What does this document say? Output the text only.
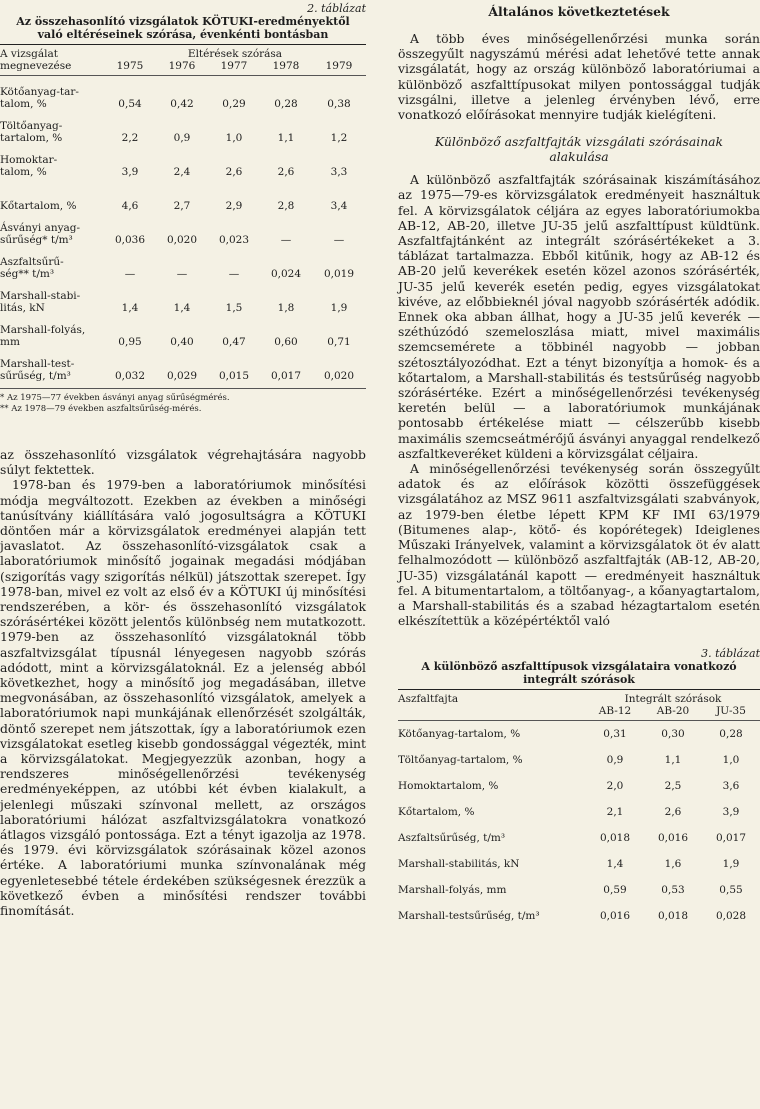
2. táblázat
Az összehasonlító vizsgálatok KÖTUKI-eredményektől
való eltéréseinek szórása, évenkénti bontásban
A vizsgálat	Eltérések szórása				
megnevezése	1975	1976	1977	1978	1979

Kötőanyag-tar-
talom, %	0,54	0,42	0,29	0,28	0,38

Töltőanyag-
tartalom, %	2,2	0,9	1,0	1,1	1,2

Homoktar-
talom, %	3,9	2,4	2,6	2,6	3,3

Kőtartalom, %	4,6	2,7	2,9	2,8	3,4

Ásványi anyag-
sűrűség* t/m³	0,036	0,020	0,023	—	—

Aszfaltsűrű-
ség** t/m³	—	—	—	0,024	0,019

Marshall-stabi-
litás, kN	1,4	1,4	1,5	1,8	1,9

Marshall-folyás,
mm	0,95	0,40	0,47	0,60	0,71

Marshall-test-
sűrűség, t/m³	0,032	0,029	0,015	0,017	0,020
* Az 1975—77 években ásványi anyag sűrűségmérés.
** Az 1978—79 években aszfaltsűrűség-mérés.

az összehasonlító vizsgálatok végrehajtására nagyobb súlyt fektettek.

1978-ban és 1979-ben a laboratóriumok minősítési módja megváltozott. Ezekben az években a minőségi tanúsítvány kiállítására való jogosultságra a KÖTUKI döntően már a körvizsgálatok eredményei alapján tett javaslatot. Az összehasonlító-vizsgálatok csak a laboratóriumok minősítő jogainak megadási módjában (szigorítás vagy szigorítás nélkül) játszottak szerepet. Így 1978-ban, mivel ez volt az első év a KÖTUKI új minősítési rendszerében, a kör- és összehasonlító vizsgálatok szórásértékei között jelentős különbség nem mutatkozott. 1979-ben az összehasonlító vizsgálatoknál több aszfaltvizsgálat típusnál lényegesen nagyobb szórás adódott, mint a körvizsgálatoknál. Ez a jelenség abból következhet, hogy a minősítő jog megadásában, illetve megvonásában, az összehasonlító vizsgálatok, amelyek a laboratóriumok napi munkájának ellenőrzését szolgálták, döntő szerepet nem játszottak, így a laboratóriumok ezen vizsgálatokat esetleg kisebb gondossággal végezték, mint a körvizsgálatokat. Megjegyezzük azonban, hogy a rendszeres minőségellenőrzési tevékenység eredményeképpen, az utóbbi két évben kialakult, a jelenlegi műszaki színvonal mellett, az országos laboratóriumi hálózat aszfaltvizsgálatokra vonatkozó átlagos vizsgáló pontossága. Ezt a tényt igazolja az 1978. és 1979. évi körvizsgálatok szórásainak közel azonos értéke. A laboratóriumi munka színvonalának még egyenletesebbé tétele érdekében szükségesnek érezzük a következő évben a minősítési rendszer további finomítását.

Általános következtetések

A több éves minőségellenőrzési munka során összegyűlt nagyszámú mérési adat lehetővé tette annak vizsgálatát, hogy az ország különböző laboratóriumai a különböző aszfalttípusokat milyen pontossággal tudják vizsgálni, illetve a jelenleg érvényben lévő, erre vonatkozó előírásokat mennyire tudják kielégíteni.

Különböző aszfaltfajták vizsgálati szórásainak
alakulása

A különböző aszfaltfajták szórásainak kiszámításához az 1975—79-es körvizsgálatok eredményeit használtuk fel. A körvizsgálatok céljára az egyes laboratóriumokba AB-12, AB-20, illetve JU-35 jelű aszfalttípust küldtünk. Aszfaltfajtánként az integrált szórásértékeket a 3. táblázat tartalmazza. Ebből kitűnik, hogy az AB-12 és AB-20 jelű keverékek esetén közel azonos szórásérték, JU-35 jelű keverék esetén pedig, egyes vizsgálatokat kivéve, az előbbieknél jóval nagyobb szórásérték adódik. Ennek oka abban állhat, hogy a JU-35 jelű keverék — széthúzódó szemeloszlása miatt, mivel maximális szemcsemérete a többinél nagyobb — jobban szétosztályozódhat. Ezt a tényt bizonyítja a homok- és a kőtartalom, a Marshall-stabilitás és testsűrűség nagyobb szórásértéke. Ezért a minőségellenőrzési tevékenység keretén belül — a laboratóriumok munkájának pontosabb értékelése miatt — célszerűbb kisebb maximális szemcseátmérőjű ásványi anyaggal rendelkező aszfaltkeveréket küldeni a körvizsgálat céljaira.

A minőségellenőrzési tevékenység során összegyűlt adatok és az előírások közötti összefüggések vizsgálatához az MSZ 9611 aszfaltvizsgálati szabványok, az 1979-ben életbe lépett KPM KF IMI 63/1979 (Bitumenes alap-, kötő- és kopórétegek) Ideiglenes Műszaki Irányelvek, valamint a körvizsgálatok öt év alatt felhalmozódott — különböző aszfaltfajták (AB-12, AB-20, JU-35) vizsgálatánál kapott — eredményeit használtuk fel. A bitumentartalom, a töltőanyag-, a kőanyagtartalom, a Marshall-stabilitás és a szabad hézagtartalom esetén elkészítettük a középértéktől való

3. táblázat
A különböző aszfalttípusok vizsgálataira vonatkozó
integrált szórások
Aszfaltfajta	Integrált szórások		
	AB-12	AB-20	JU-35

Kötőanyag-tartalom, %	0,31	0,30	0,28
Töltőanyag-tartalom, %	0,9	1,1	1,0
Homoktartalom, %	2,0	2,5	3,6
Kőtartalom, %	2,1	2,6	3,9
Aszfaltsűrűség, t/m³	0,018	0,016	0,017
Marshall-stabilitás, kN	1,4	1,6	1,9
Marshall-folyás, mm	0,59	0,53	0,55
Marshall-testsűrűség, t/m³	0,016	0,018	0,028
